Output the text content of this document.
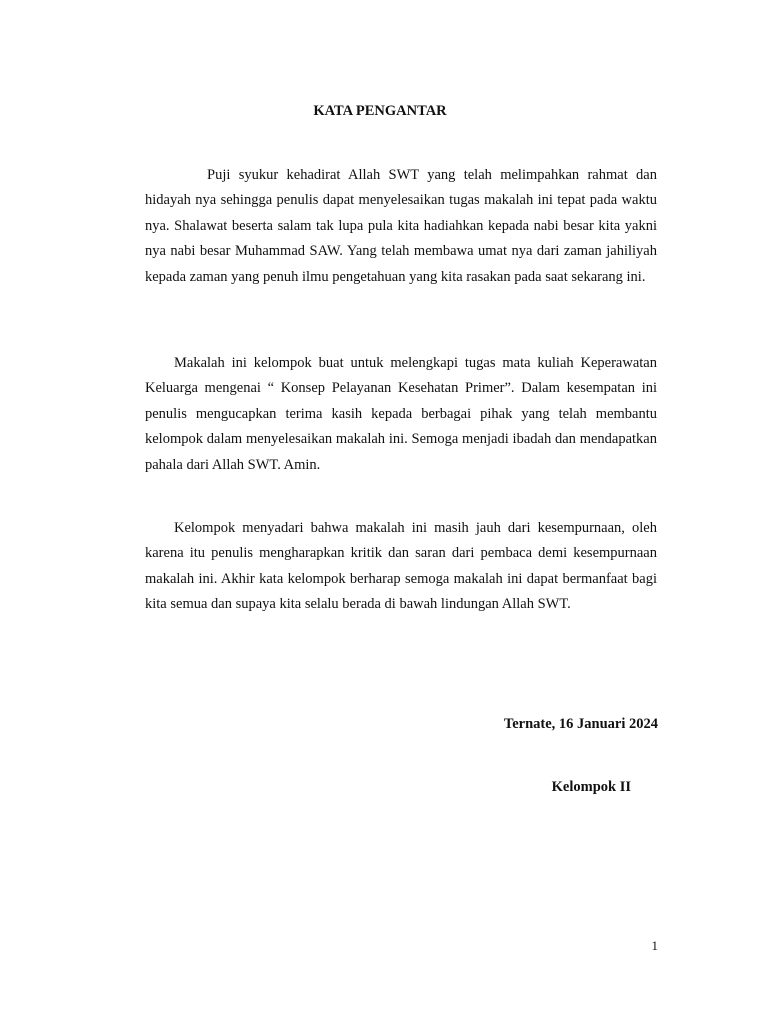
KATA PENGANTAR

Puji syukur kehadirat Allah SWT yang telah melimpahkan rahmat dan hidayah nya sehingga penulis dapat menyelesaikan tugas makalah ini tepat pada waktu nya. Shalawat beserta salam tak lupa pula kita hadiahkan kepada nabi besar kita yakni nya nabi besar Muhammad SAW. Yang telah membawa umat nya dari zaman jahiliyah kepada zaman yang penuh ilmu pengetahuan yang kita rasakan pada saat sekarang ini.

Makalah ini kelompok buat untuk melengkapi tugas mata kuliah Keperawatan Keluarga mengenai “ Konsep Pelayanan Kesehatan Primer”. Dalam kesempatan ini penulis mengucapkan terima kasih kepada berbagai pihak yang telah membantu kelompok dalam menyelesaikan makalah ini. Semoga menjadi ibadah dan mendapatkan pahala dari Allah SWT. Amin.

Kelompok menyadari bahwa makalah ini masih jauh dari kesempurnaan, oleh karena itu penulis mengharapkan kritik dan saran dari pembaca demi kesempurnaan makalah ini. Akhir kata kelompok berharap semoga makalah ini dapat bermanfaat bagi kita semua dan supaya kita selalu berada di bawah lindungan Allah SWT.

Ternate, 16 Januari 2024
Kelompok II
1
